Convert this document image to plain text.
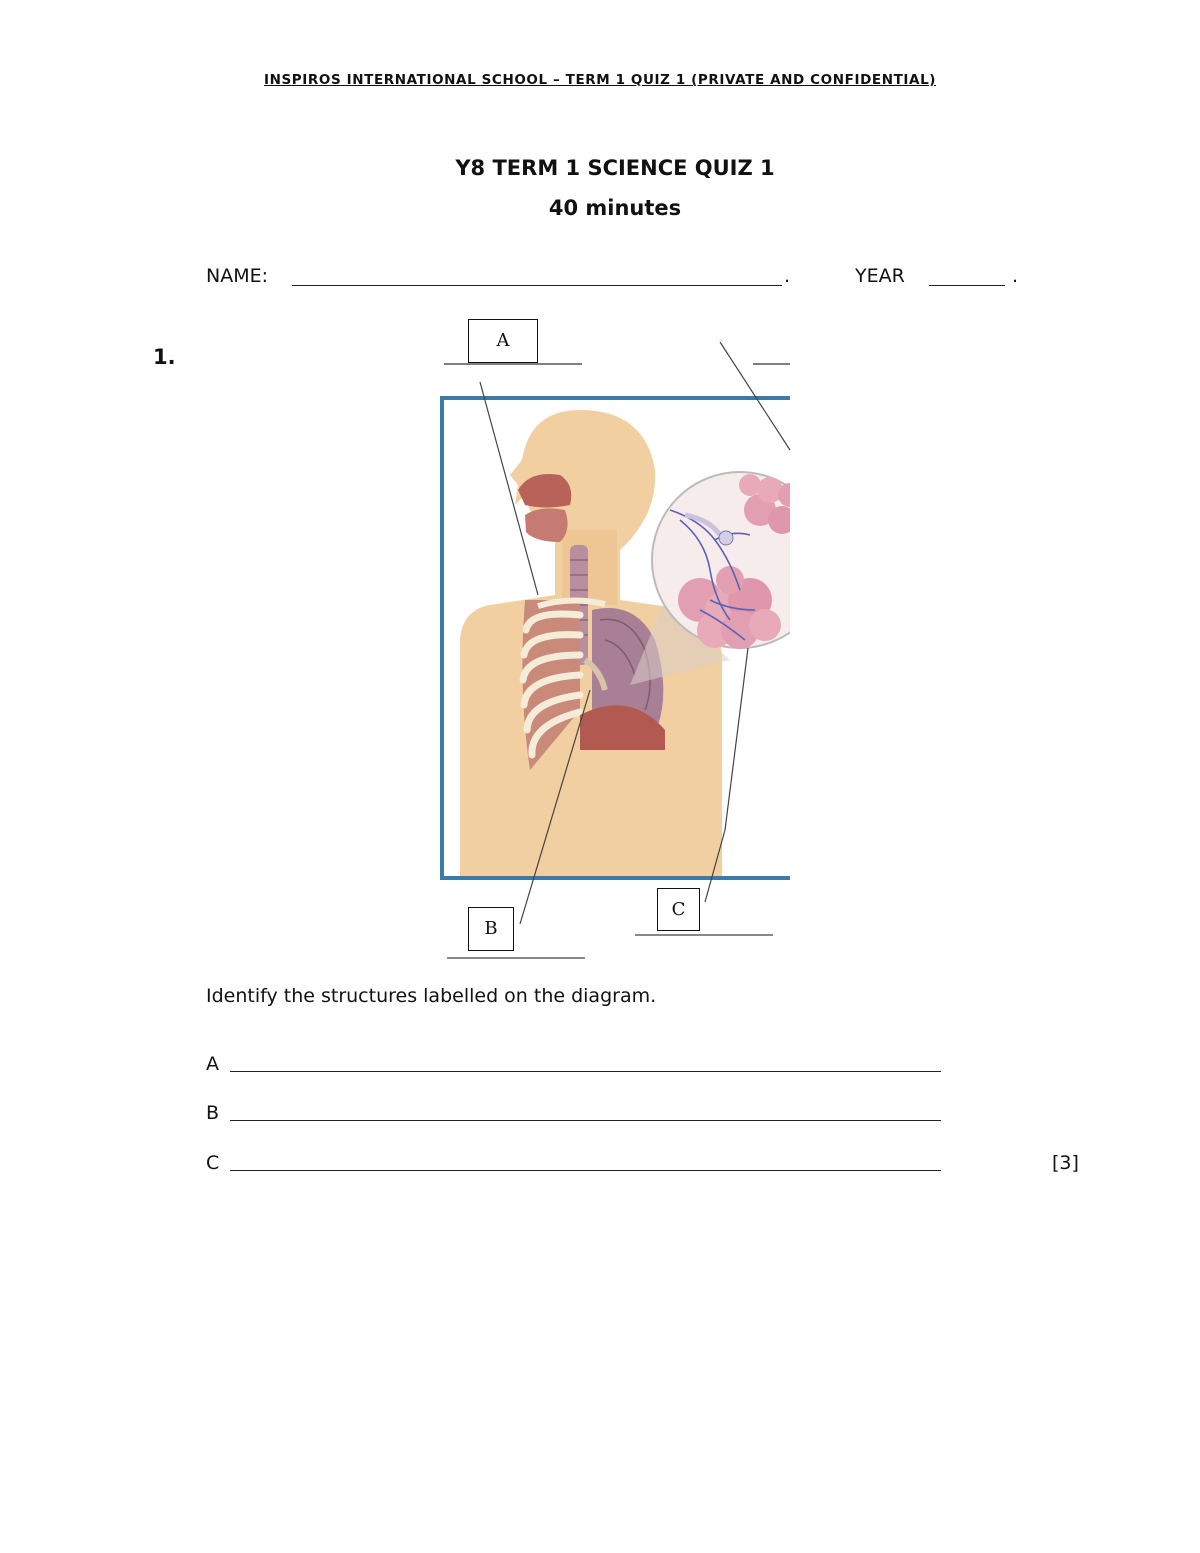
INSPIROS INTERNATIONAL SCHOOL – TERM 1 QUIZ 1 (PRIVATE AND CONFIDENTIAL)
Y8 TERM 1 SCIENCE QUIZ 1
40 minutes
NAME:	.	YEAR	.
1.
A
B
C
Identify the structures labelled on the diagram.
A
B
C	[3]
